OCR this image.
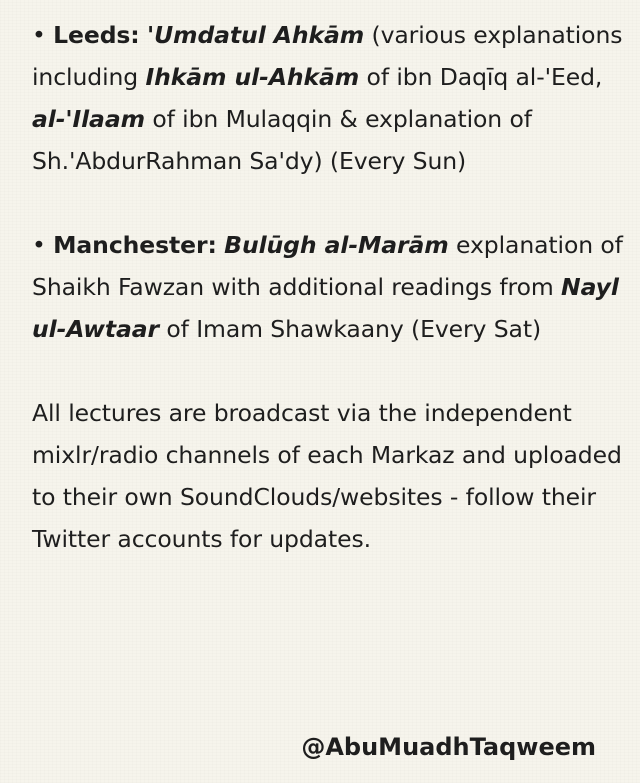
• Leeds: 'Umdatul Ahkām (various explanations including Ihkām ul-Ahkām of ibn Daqīq al-'Eed, al-'Ilaam of ibn Mulaqqin & explanation of Sh.'AbdurRahman Sa'dy) (Every Sun)

• Manchester: Bulūgh al-Marām explanation of Shaikh Fawzan with additional readings from Nayl ul-Awtaar of Imam Shawkaany (Every Sat)

All lectures are broadcast via the independent mixlr/radio channels of each Markaz and uploaded to their own SoundClouds/websites - follow their Twitter accounts for updates.

@AbuMuadhTaqweem
